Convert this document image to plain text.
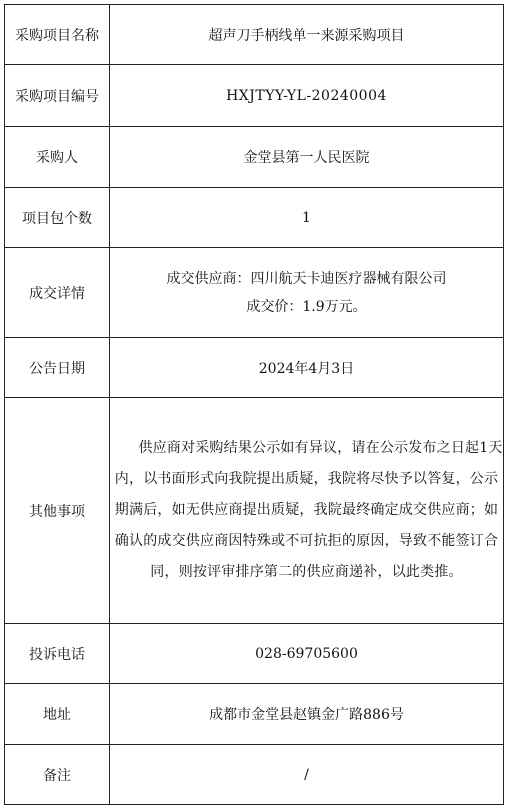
采购项目名称	超声刀手柄线单一来源采购项目
采购项目编号	HXJTYY-YL-20240004
采购人	金堂县第一人民医院
项目包个数	1
成交详情	成交供应商：四川航天卡迪医疗器械有限公司
成交价：1.9万元。

公告日期	2024年4月3日
其他事项	供应商对采购结果公示如有异议，请在公示发布之日起1天内，以书面形式向我院提出质疑，我院将尽快予以答复，公示期满后，如无供应商提出质疑，我院最终确定成交供应商；如确认的成交供应商因特殊或不可抗拒的原因，导致不能签订合同，则按评审排序第二的供应商递补，以此类推。

投诉电话	028-69705600
地址	成都市金堂县赵镇金广路886号
备注	/
